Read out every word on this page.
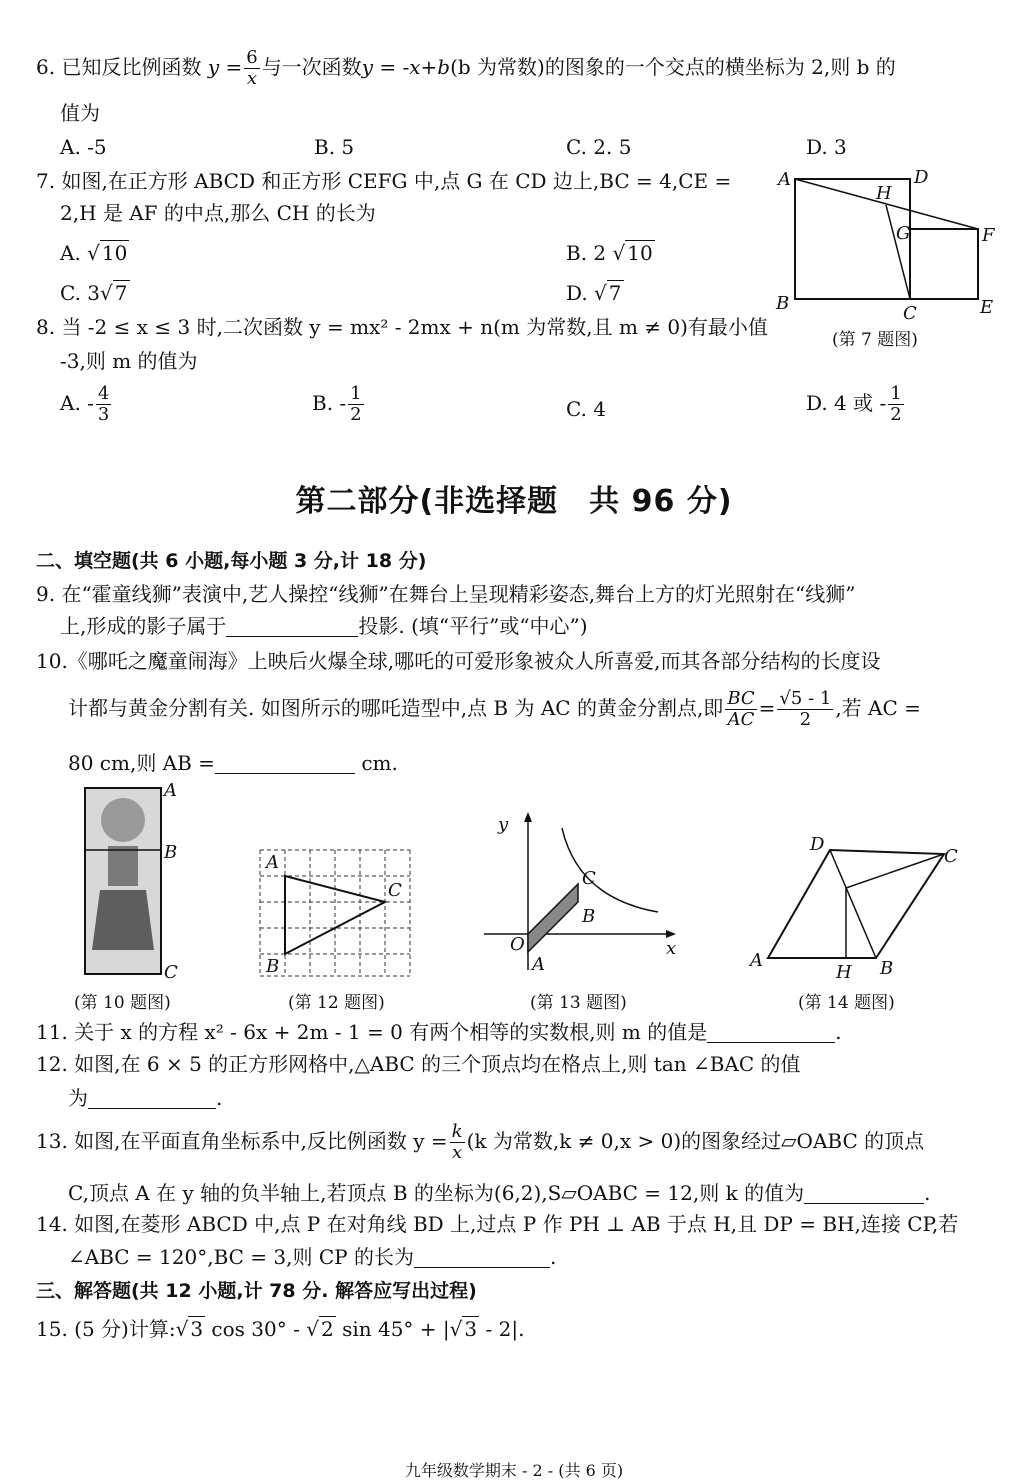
6. 已知反比例函数 $y = \frac{6}{x}$ 与一次函数y = -x+b(b 为常数)的图象的一个交点的横坐标为 2,则 b 的
值为
A. -5	B. 5	C. 2. 5	D. 3
7. 如图,在正方形 ABCD 和正方形 CEFG 中,点 G 在 CD 边上,BC = 4,CE =
2,H 是 AF 的中点,那么 CH 的长为
A. √ 10	B. 2 √ 10
C. 3√ 7	D. √ 7
A	D
H
G	F
B	C	E
(第 7 题图)
8. 当 -2 ≤ x ≤ 3 时,二次函数 y = mx² - 2mx + n(m 为常数,且 m ≠ 0)有最小值
-3,则 m 的值为
A. - $\frac{4}{3}$	B. - $\frac{1}{2}$	C. 4	D. 4 或 - $\frac{1}{2}$
第二部分(非选择题　共 96 分)
二、填空题(共 6 小题,每小题 3 分,计 18 分)
9. 在“霍童线狮”表演中,艺人操控“线狮”在舞台上呈现精彩姿态,舞台上方的灯光照射在“线狮”
上,形成的影子属于	投影. (填“平行”或“中心”)
10.《哪吒之魔童闹海》上映后火爆全球,哪吒的可爱形象被众人所喜爱,而其各部分结构的长度设
计都与黄金分割有关. 如图所示的哪吒造型中,点 B 为 AC 的黄金分割点,即 $\frac{BC}{AC} = \frac{√5 - 1}{2}$ ,若 AC =
80 cm,则 AB =	cm.
A
B
C
A
B
C
y
x
O
A
B
C
D
C
A	B
H
(第 10 题图)	(第 12 题图)	(第 13 题图)	(第 14 题图)
11. 关于 x 的方程 x² - 6x + 2m - 1 = 0 有两个相等的实数根,则 m 的值是	.
12. 如图,在 6 × 5 的正方形网格中,△ABC 的三个顶点均在格点上,则 tan ∠BAC 的值
为	.
13. 如图,在平面直角坐标系中,反比例函数 $y = \frac{k}{x} (k$ 为常数,k ≠ 0,x > 0)的图象经过▱OABC 的顶点
C,顶点 A 在 y 轴的负半轴上,若顶点 B 的坐标为(6,2),S▱OABC = 12,则 k 的值为	.
14. 如图,在菱形 ABCD 中,点 P 在对角线 BD 上,过点 P 作 PH ⊥ AB 于点 H,且 DP = BH,连接 CP,若
∠ABC = 120°,BC = 3,则 CP 的长为	.
三、解答题(共 12 小题,计 78 分. 解答应写出过程)
15. (5 分)计算:√ 3 cos 30° - √ 2 sin 45° + |√ 3 - 2|.
九年级数学期末 - 2 - (共 6 页)
